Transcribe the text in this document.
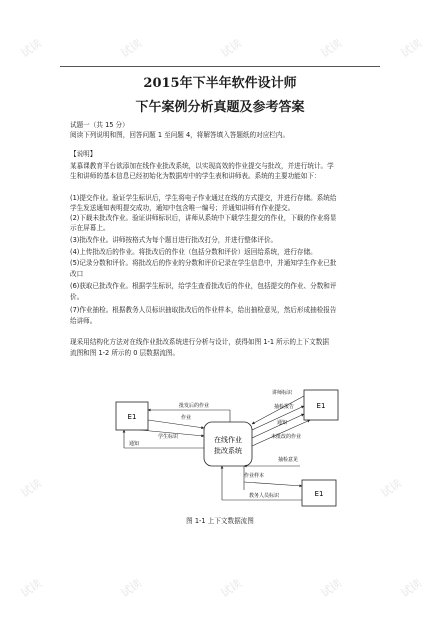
试读	试读	试读	试读	试读
试读	试读
试读	试读	试读	试读	试读
2015年下半年软件设计师
下午案例分析真题及参考答案
试题一（共 15 分）
阅读下列说明和图，回答问题 1 至问题 4，将解答填入答题纸的对应栏内。
【说明】
某慕课教育平台欲添加在线作业批改系统，以实现高效的作业提交与批改，并进行统计。学
生和讲师的基本信息已经初始化为数据库中的学生表和讲师表。系统的主要功能如下：
(1)提交作业。验证学生标识后，学生将电子作业通过在线的方式提交，并进行存储。系统给
学生发送通知表明提交成功，通知中包含唯一编号；并通知讲师有作业提交。
(2)下载未批改作业。验证讲师标识后，讲师从系统中下载学生提交的作业，下载的作业将显
示在屏幕上。
(3)批改作业。讲师按格式为每个题目进行批改打分，并进行整体评价。
(4)上传批改后的作业。将批改后的作业（包括分数和评价）返回给系统，进行存储。
(5)记录分数和评价。将批改后的作业的分数和评价记录在学生信息中，并通知学生作业已批
改口
(6)获取已批改作业。根据学生标识，给学生查看批改后的作业，包括提交的作业、分数和评
价。
(7)作业抽检。根据教务人员标识抽取批改后的作业样本，给出抽检意见，然后形成抽检报告
给讲师。
现采用结构化方法对在线作业批改系统进行分析与设计，获得如图 1-1 所示的上下文数据
流图和图 1-2 所示的 0 层数据流图。
E1
E1
E1
在线作业
批改系统
批发后的作业
作业
学生标识
通知
讲师标识
抽检报告
通知
未批改的作业
抽检意见
作业样本
教务人员标识
图 1-1 上下文数据流图
